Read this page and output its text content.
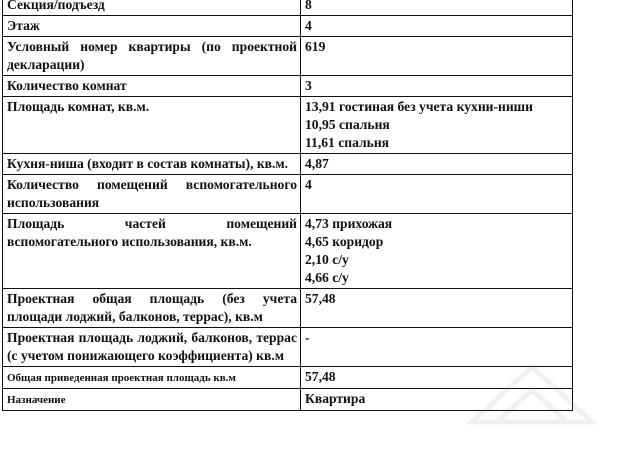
Секция/подъезд	8

Этаж	4

Условный номер квартиры (по проектной декларации)	619

Количество комнат	3

Площадь комнат, кв.м.	13,91 гостиная без учета кухни-ниши
10,95 спальня
11,61 спальня

Кухня-ниша (входит в состав комнаты), кв.м.	4,87

Количество помещений вспомогательного использования	4

Площадь частей помещений вспомогательного использования, кв.м.	4,73 прихожая
4,65 коридор
2,10 с/у
4,66 с/у

Проектная общая площадь (без учета площади лоджий, балконов, террас), кв.м	57,48

Проектная площадь лоджий, балконов, террас (с учетом понижающего коэффициента) кв.м	-

Общая приведенная проектная площадь кв.м	57,48

Назначение	Квартира
